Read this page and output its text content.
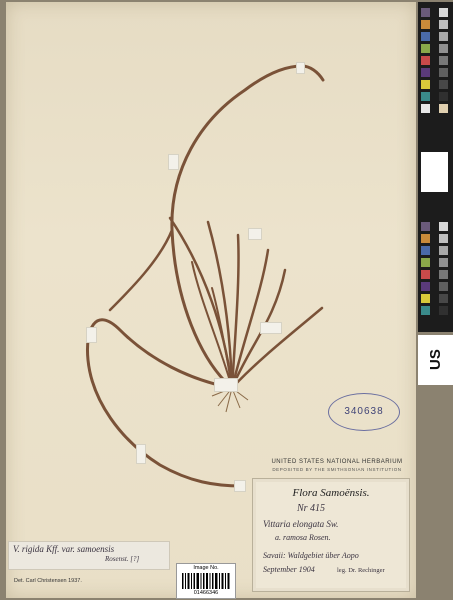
US
340638
UNITED STATES NATIONAL HERBARIUM
DEPOSITED BY THE SMITHSONIAN INSTITUTION
Flora Samoënsis.
Nr 415
Vittaria elongata Sw.
a. ramosa Rosen.
Savaii: Waldgebiet über Aopo
September 1904	leg. Dr. Rechinger
V. rigida Kff. var. samoensis
Rosenst. [?]
Det. Carl Christensen 1937.
Image No.
01466346
